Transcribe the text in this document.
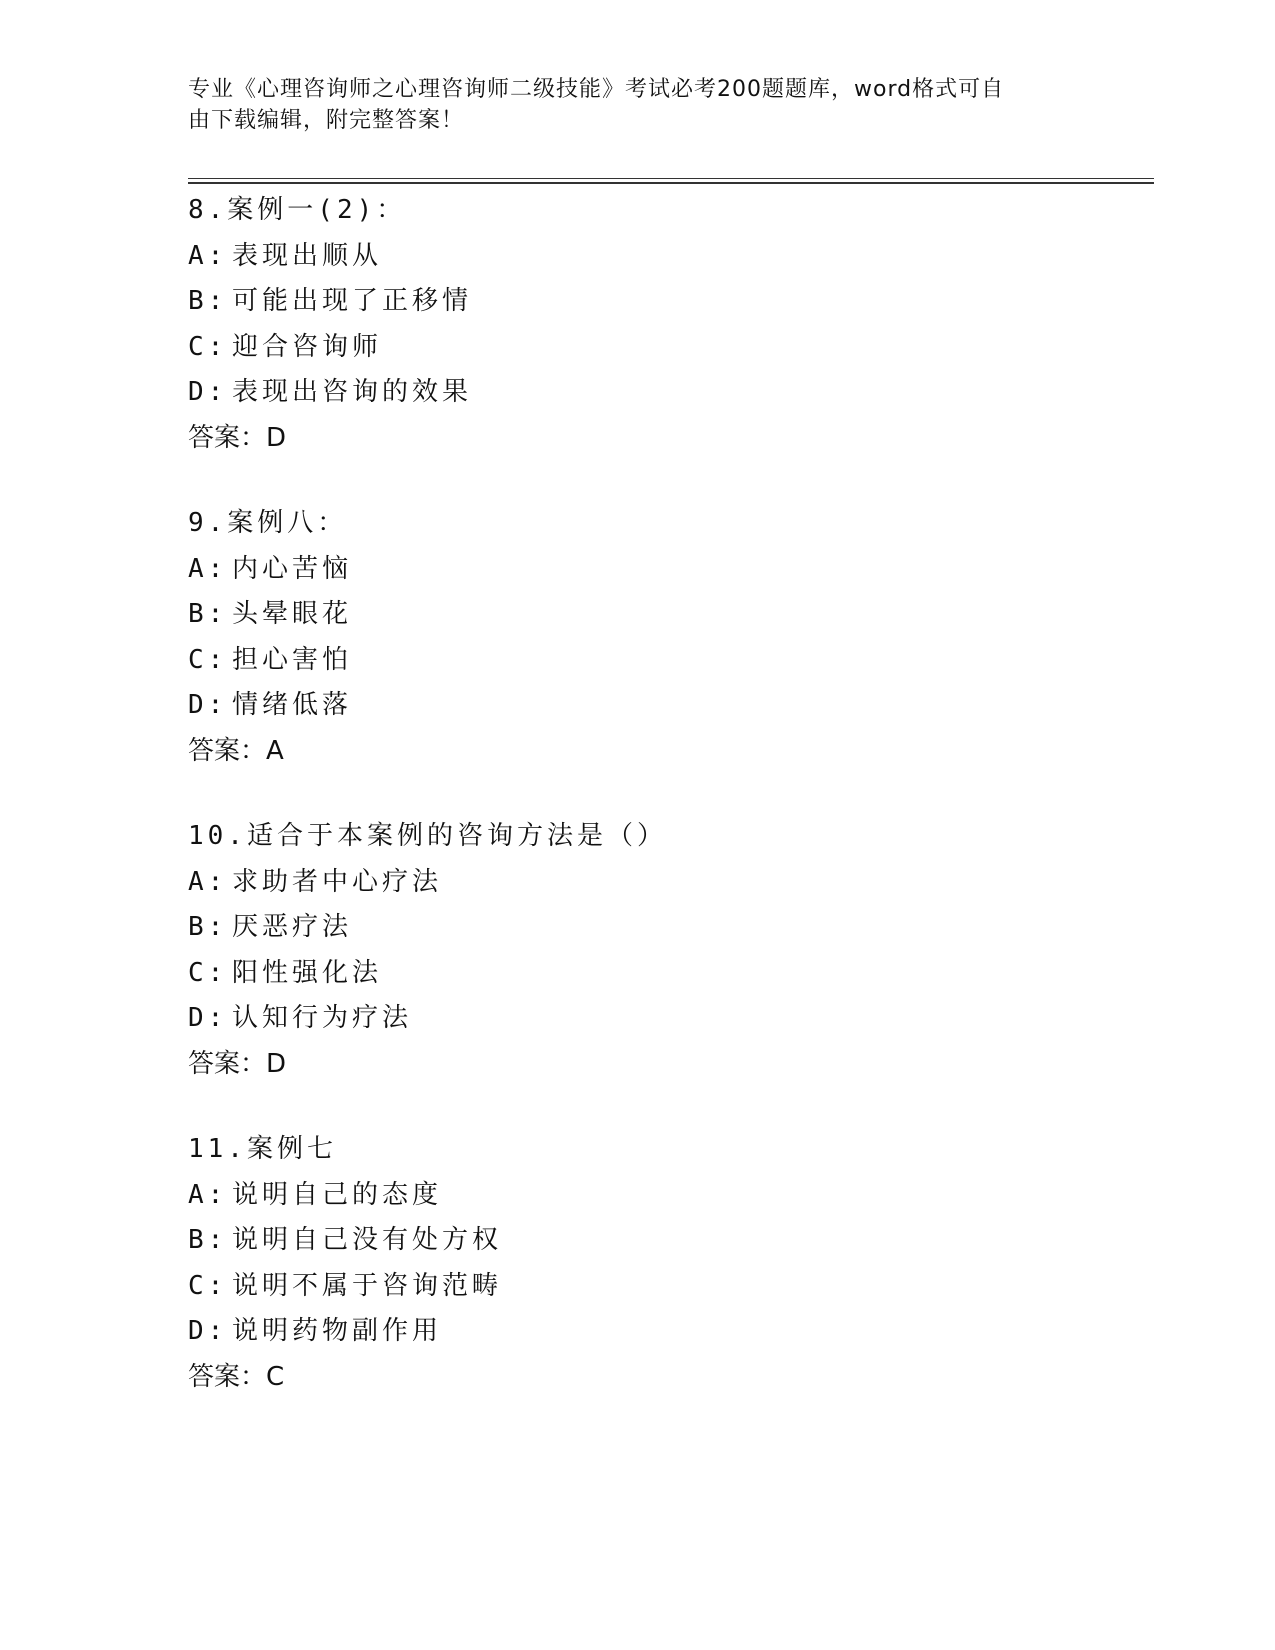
专业《心理咨询师之心理咨询师二级技能》考试必考200题题库，word格式可自
由下载编辑，附完整答案！
8.案例一(2)：
A: 表现出顺从
B: 可能出现了正移情
C: 迎合咨询师
D: 表现出咨询的效果
答案：D
9.案例八：
A: 内心苦恼
B: 头晕眼花
C: 担心害怕
D: 情绪低落
答案：A
10.适合于本案例的咨询方法是（）
A: 求助者中心疗法
B: 厌恶疗法
C: 阳性强化法
D: 认知行为疗法
答案：D
11.案例七
A: 说明自己的态度
B: 说明自己没有处方权
C: 说明不属于咨询范畴
D: 说明药物副作用
答案：C
